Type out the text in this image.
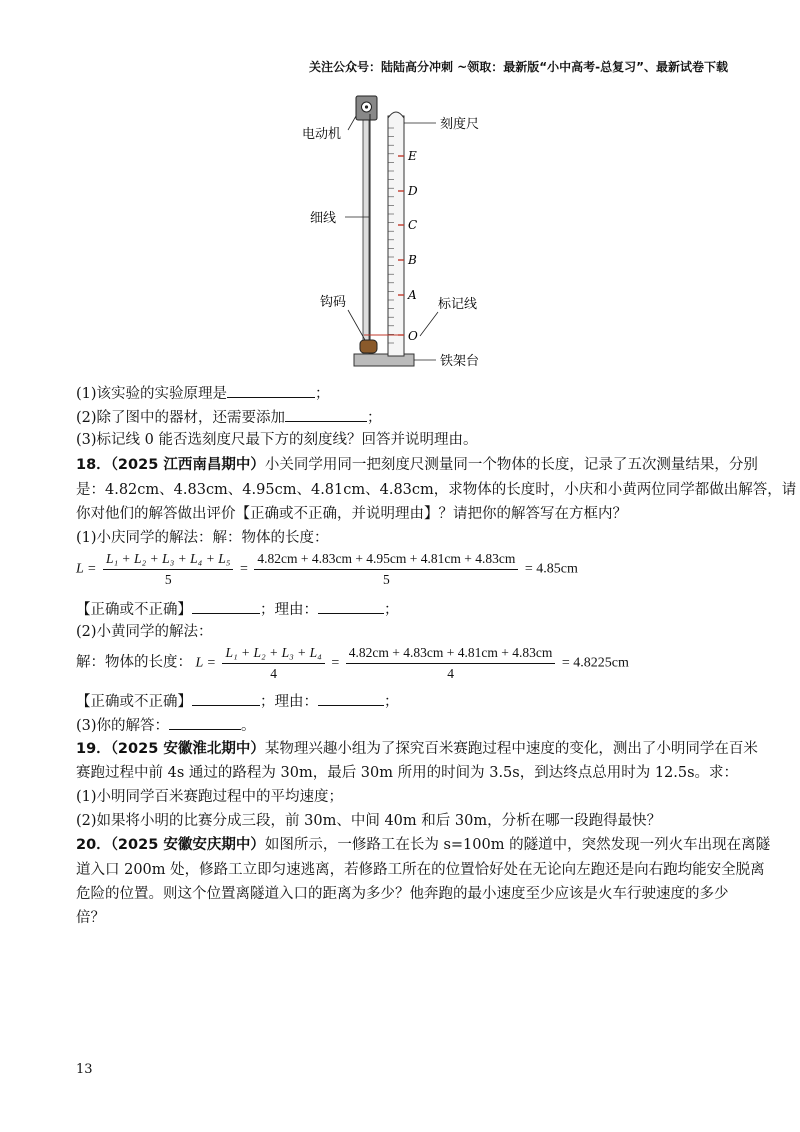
关注公众号：陆陆高分冲刺 ~领取：最新版“小中高考-总复习”、最新试卷下载
电动机
刻度尺
细线
钩码	标记线
铁架台
E
D
C
B
A
O
(1)该实验的实验原理是	；
(2)除了图中的器材，还需要添加	；
(3)标记线 0 能否选刻度尺最下方的刻度线？回答并说明理由。
18．（2025 江西南昌期中）小关同学用同一把刻度尺测量同一个物体的长度，记录了五次测量结果，分别
是：4.82cm、4.83cm、4.95cm、4.81cm、4.83cm，求物体的长度时，小庆和小黄两位同学都做出解答，请
你对他们的解答做出评价【正确或不正确，并说明理由】？请把你的解答写在方框内？
(1)小庆同学的解法：解：物体的长度：
$L = \frac{\text{L₁ + L₂ + L₃ + L₄ + L₅}}{5} = \frac{4.82cm + 4.83cm + 4.95cm + 4.81cm + 4.83cm}{5} = 4.85cm$
【正确或不正确】	；理由：	；
(2)小黄同学的解法：
解：物体的长度： $L = \frac{\text{L₁ + L₂ + L₃ + L₄}}{4} = \frac{4.82cm + 4.83cm + 4.81cm + 4.83cm}{4} = 4.8225cm$
【正确或不正确】	；理由：	；
(3)你的解答：	。
19．（2025 安徽淮北期中）某物理兴趣小组为了探究百米赛跑过程中速度的变化，测出了小明同学在百米
赛跑过程中前 4s 通过的路程为 30m，最后 30m 所用的时间为 3.5s，到达终点总用时为 12.5s。求：
(1)小明同学百米赛跑过程中的平均速度；
(2)如果将小明的比赛分成三段，前 30m、中间 40m 和后 30m，分析在哪一段跑得最快？
20．（2025 安徽安庆期中）如图所示，一修路工在长为 s=100m 的隧道中，突然发现一列火车出现在离隧
道入口 200m 处，修路工立即匀速逃离，若修路工所在的位置恰好处在无论向左跑还是向右跑均能安全脱离
危险的位置。则这个位置离隧道入口的距离为多少？他奔跑的最小速度至少应该是火车行驶速度的多少
倍？
13
